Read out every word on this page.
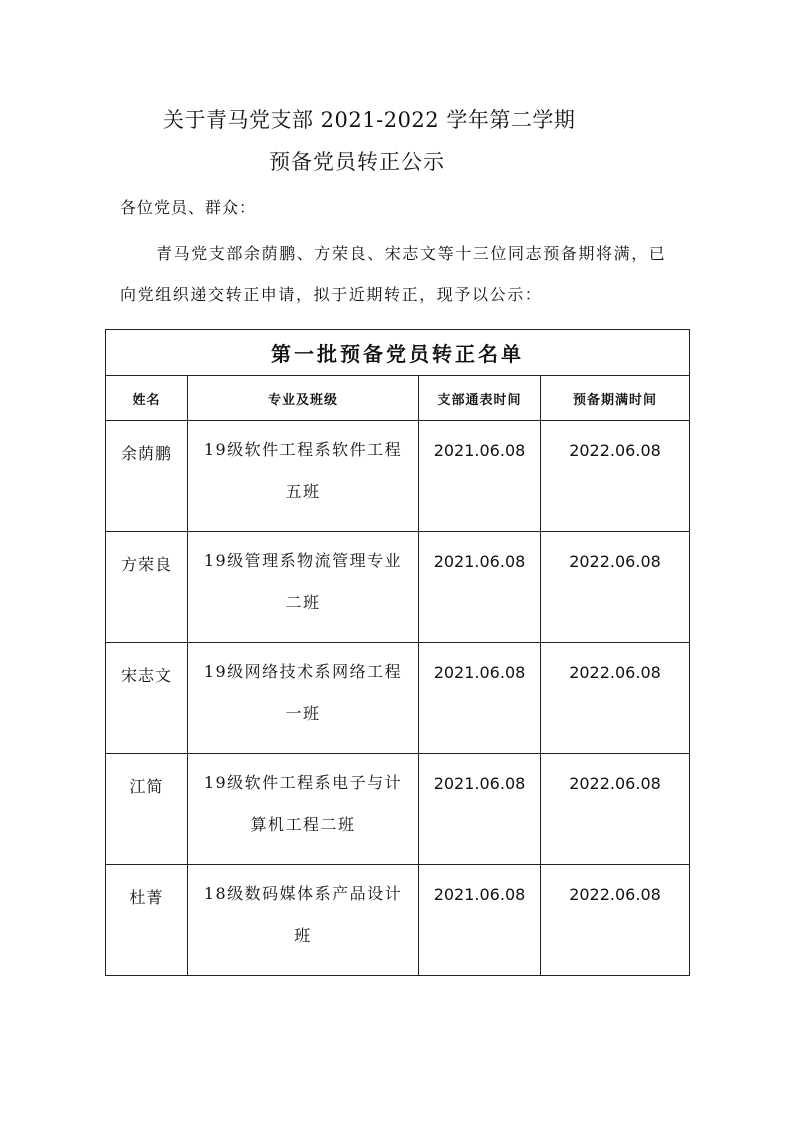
关于青马党支部 2021-2022 学年第二学期
预备党员转正公示
各位党员、群众：
青马党支部余荫鹏、方荣良、宋志文等十三位同志预备期将满，已向党组织递交转正申请，拟于近期转正，现予以公示：
第一批预备党员转正名单			
姓名	专业及班级	支部通表时间	预备期满时间
余荫鹏	19级软件工程系软件工程五班	2021.06.08	2022.06.08
方荣良	19级管理系物流管理专业二班	2021.06.08	2022.06.08
宋志文	19级网络技术系网络工程一班	2021.06.08	2022.06.08
江简	19级软件工程系电子与计算机工程二班	2021.06.08	2022.06.08
杜菁	18级数码媒体系产品设计班	2021.06.08	2022.06.08
